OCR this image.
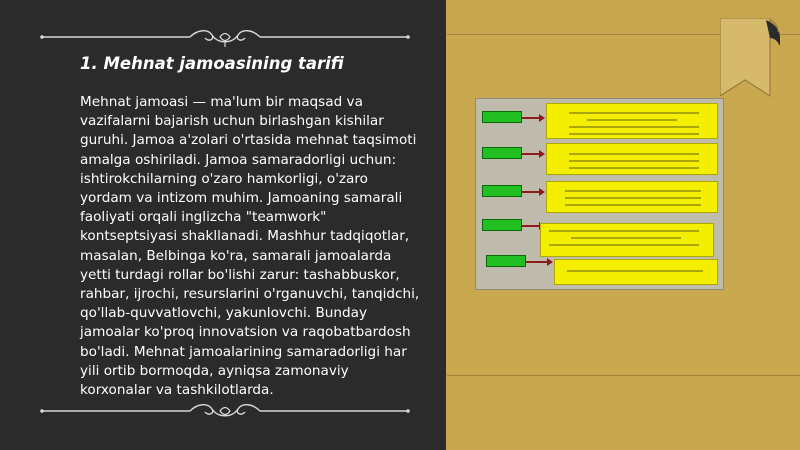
1. Mehnat jamoasining tarifi
Mehnat jamoasi — ma'lum bir maqsad va vazifalarni bajarish uchun birlashgan kishilar guruhi. Jamoa a'zolari o'rtasida mehnat taqsimoti amalga oshiriladi. Jamoa samaradorligi uchun: ishtirokchilarning o'zaro hamkorligi, o'zaro yordam va intizom muhim. Jamoaning samarali faoliyati orqali inglizcha "teamwork" kontseptsiyasi shakllanadi. Mashhur tadqiqotlar, masalan, Belbinga ko'ra, samarali jamoalarda yetti turdagi rollar bo'lishi zarur: tashabbuskor, rahbar, ijrochi, resurslarini o'rganuvchi, tanqidchi, qo'llab-quvvatlovchi, yakunlovchi. Bunday jamoalar ko'proq innovatsion va raqobatbardosh bo'ladi. Mehnat jamoalarining samaradorligi har yili ortib bormoqda, ayniqsa zamonaviy korxonalar va tashkilotlarda.
